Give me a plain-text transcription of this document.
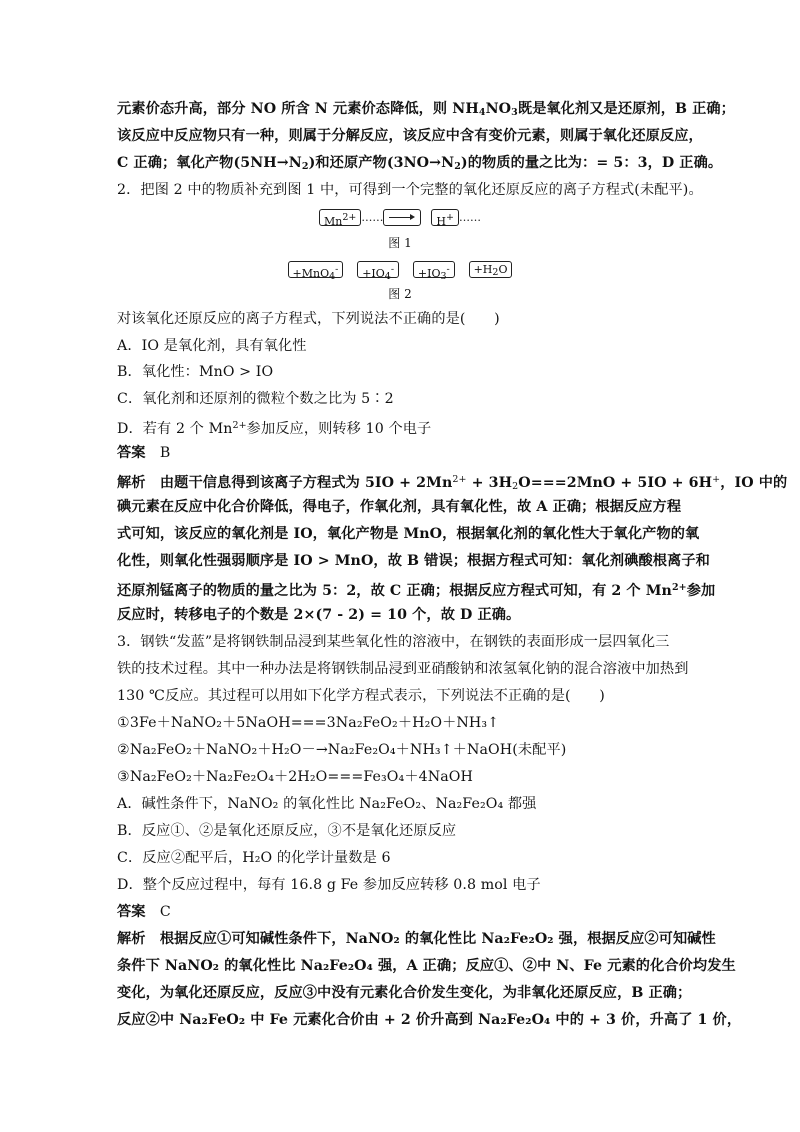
元素价态升高，部分 NO 所含 N 元素价态降低，则 $NH_4NO_3$既是氧化剂又是还原剂，B 正确；
该反应中反应物只有一种，则属于分解反应，该反应中含有变价元素，则属于氧化还原反应，
C 正确；氧化产物$(5NH\to N_2)$和还原产物$(3NO\to N_2)$的物质的量之比为：= 5：3，D 正确。
2．把图 2 中的物质补充到图 1 中，可得到一个完整的氧化还原反应的离子方程式(未配平)。
Mn2+ ……	H+ ……
图 1
+MnO4- +IO4- +IO3- +H2O
图 2
对该氧化还原反应的离子方程式，下列说法不正确的是(　　)
A．IO 是氧化剂，具有氧化性
B．氧化性：MnO > IO
C．氧化剂和还原剂的微粒个数之比为 5∶2
D．若有 2 个 $Mn^{2+}$参加反应，则转移 10 个电子
答案　 B
解析　 由题干信息得到该离子方程式为 $5IO + 2Mn^{2+} + 3H_2O===2MnO + 5IO + 6H^+$，IO 中的
碘元素在反应中化合价降低，得电子，作氧化剂，具有氧化性，故 A 正确；根据反应方程
式可知，该反应的氧化剂是 IO，氧化产物是 MnO，根据氧化剂的氧化性大于氧化产物的氧
化性，则氧化性强弱顺序是 IO > MnO，故 B 错误；根据方程式可知：氧化剂碘酸根离子和
还原剂锰离子的物质的量之比为 5：2，故 C 正确；根据反应方程式可知，有 2 个 $Mn^{2+}$参加
反应时，转移电子的个数是 2×(7 - 2) = 10 个，故 D 正确。
3．钢铁“发蓝”是将钢铁制品浸到某些氧化性的溶液中，在钢铁的表面形成一层四氧化三
铁的技术过程。其中一种办法是将钢铁制品浸到亚硝酸钠和浓氢氧化钠的混合溶液中加热到
130 ℃反应。其过程可以用如下化学方程式表示，下列说法不正确的是(　　)
①3Fe＋NaNO₂＋5NaOH===3Na₂FeO₂＋H₂O＋NH₃↑
②Na₂FeO₂＋NaNO₂＋H₂O－→Na₂Fe₂O₄＋NH₃↑＋NaOH(未配平)
③Na₂FeO₂＋Na₂Fe₂O₄＋2H₂O===Fe₃O₄＋4NaOH
A．碱性条件下，NaNO₂ 的氧化性比 Na₂FeO₂、Na₂Fe₂O₄ 都强
B．反应①、②是氧化还原反应，③不是氧化还原反应
C．反应②配平后，H₂O 的化学计量数是 6
D．整个反应过程中，每有 16.8 g Fe 参加反应转移 0.8 mol 电子
答案　 C
解析　 根据反应①可知碱性条件下，NaNO₂ 的氧化性比 Na₂Fe₂O₂ 强，根据反应②可知碱性
条件下 NaNO₂ 的氧化性比 Na₂Fe₂O₄ 强，A 正确；反应①、②中 N、Fe 元素的化合价均发生
变化，为氧化还原反应，反应③中没有元素化合价发生变化，为非氧化还原反应，B 正确；
反应②中 Na₂FeO₂ 中 Fe 元素化合价由 + 2 价升高到 Na₂Fe₂O₄ 中的 + 3 价，升高了 1 价，
